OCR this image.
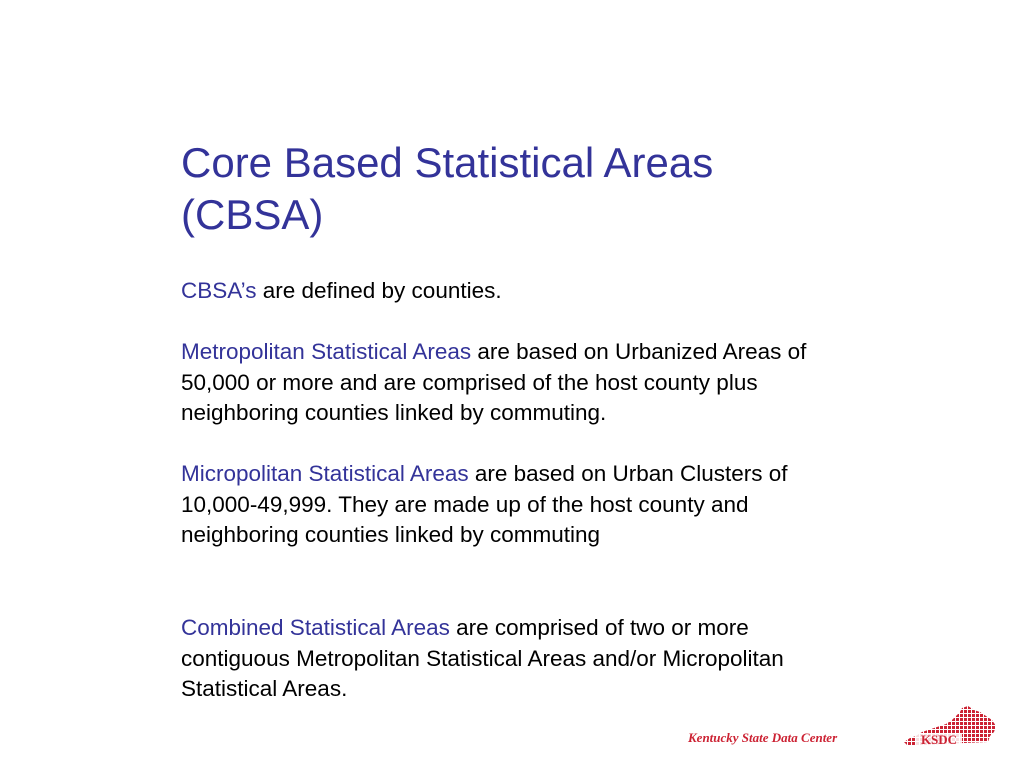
Core Based Statistical Areas
(CBSA)

CBSA’s are defined by counties.

Metropolitan Statistical Areas are based on Urbanized Areas of 50,000 or more and are comprised of the host county plus neighboring counties linked by commuting.

Micropolitan Statistical Areas are based on Urban Clusters of 10,000-49,999. They are made up of the host county and neighboring counties linked by commuting

Combined Statistical Areas are comprised of two or more contiguous Metropolitan Statistical Areas and/or Micropolitan Statistical Areas.

Kentucky State Data Center	KSDC
